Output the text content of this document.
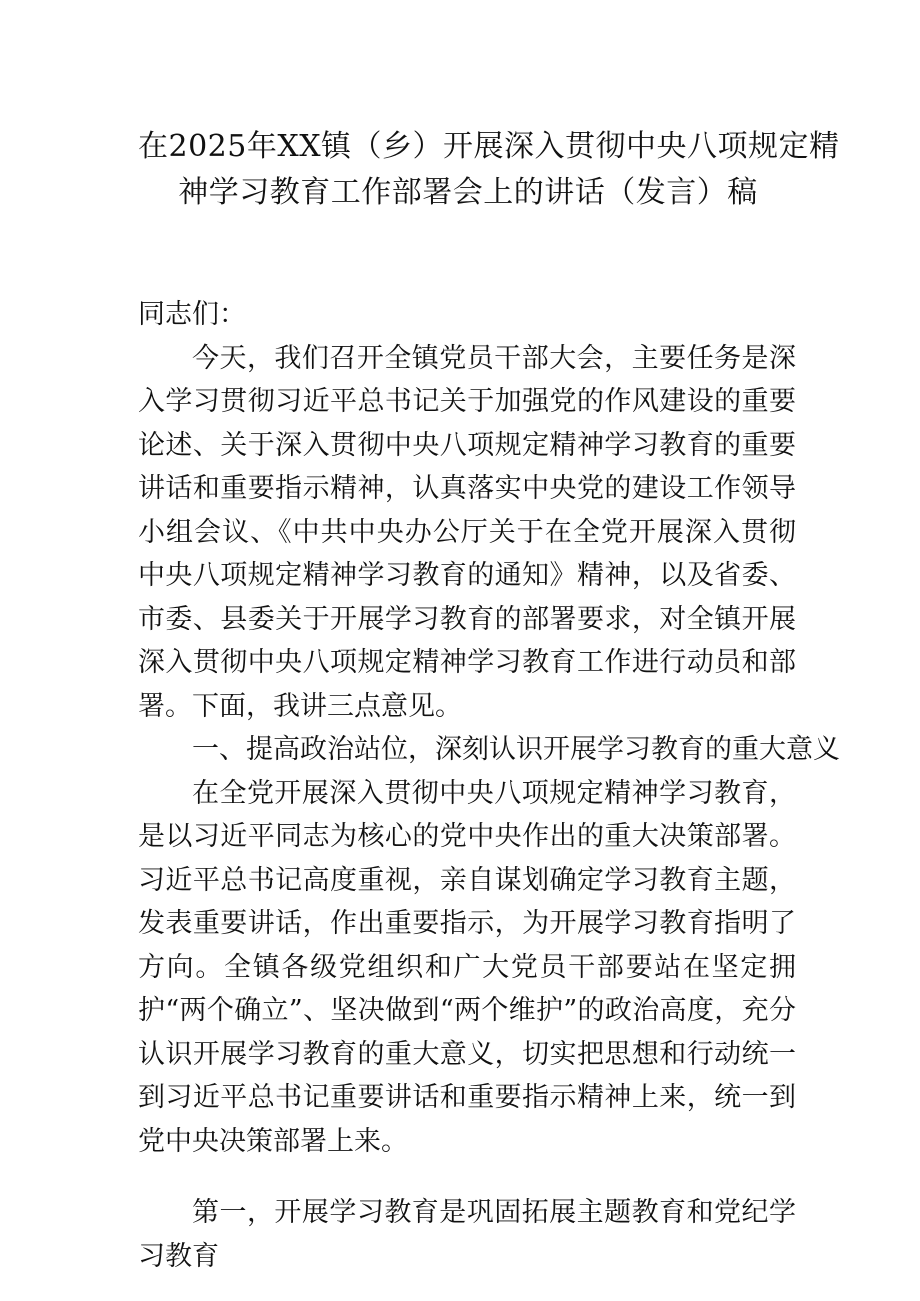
在2025年XX镇（乡）开展深入贯彻中央八项规定精
神学习教育工作部署会上的讲话（发言）稿

同志们：

今天，我们召开全镇党员干部大会，主要任务是深入学习贯彻习近平总书记关于加强党的作风建设的重要论述、关于深入贯彻中央八项规定精神学习教育的重要讲话和重要指示精神，认真落实中央党的建设工作领导小组会议、《中共中央办公厅关于在全党开展深入贯彻中央八项规定精神学习教育的通知》精神，以及省委、市委、县委关于开展学习教育的部署要求，对全镇开展深入贯彻中央八项规定精神学习教育工作进行动员和部署。下面，我讲三点意见。

一、提高政治站位，深刻认识开展学习教育的重大意义

在全党开展深入贯彻中央八项规定精神学习教育，是以习近平同志为核心的党中央作出的重大决策部署。习近平总书记高度重视，亲自谋划确定学习教育主题，发表重要讲话，作出重要指示，为开展学习教育指明了方向。全镇各级党组织和广大党员干部要站在坚定拥护“两个确立”、坚决做到“两个维护”的政治高度，充分认识开展学习教育的重大意义，切实把思想和行动统一到习近平总书记重要讲话和重要指示精神上来，统一到党中央决策部署上来。

第一，开展学习教育是巩固拓展主题教育和党纪学习教育
